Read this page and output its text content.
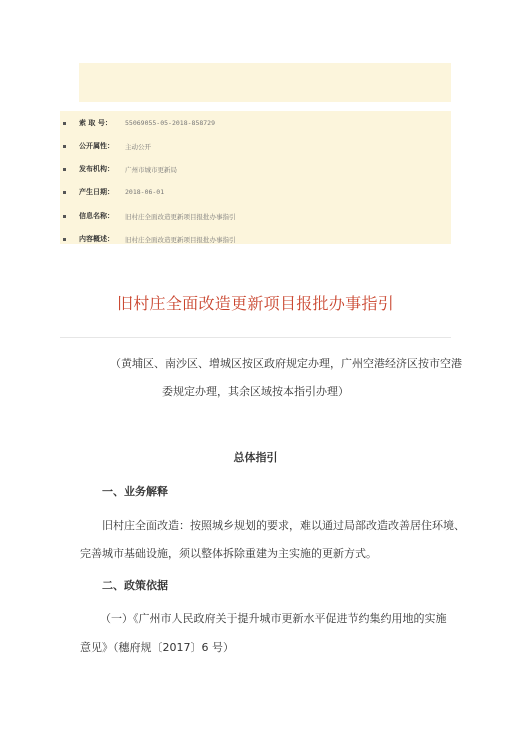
索 取 号：	55069055-05-2018-858729
公开属性：	主动公开
发布机构：	广州市城市更新局
产生日期：	2018-06-01
信息名称：	旧村庄全面改造更新项目报批办事指引
内容概述：	旧村庄全面改造更新项目报批办事指引
旧村庄全面改造更新项目报批办事指引
（黄埔区、南沙区、增城区按区政府规定办理，广州空港经济区按市空港
委规定办理，其余区域按本指引办理）
总体指引
一、业务解释
旧村庄全面改造：按照城乡规划的要求，难以通过局部改造改善居住环境、
完善城市基础设施，须以整体拆除重建为主实施的更新方式。
二、政策依据
（一）《广州市人民政府关于提升城市更新水平促进节约集约用地的实施
意见》（穗府规〔2017〕6 号）
